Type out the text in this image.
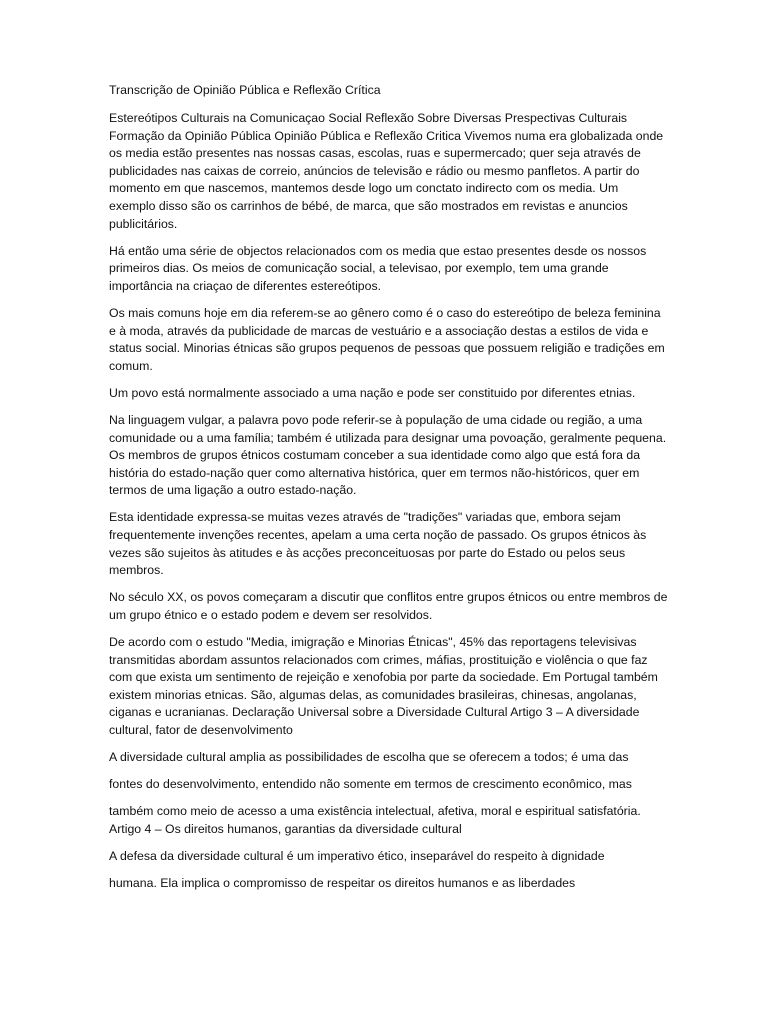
Transcrição de Opinião Pública e Reflexão Crítica

Estereótipos Culturais na Comunicaçao Social Reflexão Sobre Diversas Prespectivas Culturais Formação da Opinião Pública Opinião Pública e Reflexão Critica Vivemos numa era globalizada onde os media estão presentes nas nossas casas, escolas, ruas e supermercado; quer seja através de publicidades nas caixas de correio, anúncios de televisão e rádio ou mesmo panfletos. A partir do momento em que nascemos, mantemos desde logo um conctato indirecto com os media. Um exemplo disso são os carrinhos de bébé, de marca, que são mostrados em revistas e anuncios publicitários.

Há então uma série de objectos relacionados com os media que estao presentes desde os nossos primeiros dias. Os meios de comunicação social, a televisao, por exemplo, tem uma grande importância na criaçao de diferentes estereótipos.

Os mais comuns hoje em dia referem-se ao gênero como é o caso do estereótipo de beleza feminina e à moda, através da publicidade de marcas de vestuário e a associação destas a estilos de vida e status social. Minorias étnicas são grupos pequenos de pessoas que possuem religião e tradições em comum.

Um povo está normalmente associado a uma nação e pode ser constituido por diferentes etnias.

Na linguagem vulgar, a palavra povo pode referir-se à população de uma cidade ou região, a uma comunidade ou a uma família; também é utilizada para designar uma povoação, geralmente pequena. Os membros de grupos étnicos costumam conceber a sua identidade como algo que está fora da história do estado-nação quer como alternativa histórica, quer em termos não-históricos, quer em termos de uma ligação a outro estado-nação.

Esta identidade expressa-se muitas vezes através de "tradições" variadas que, embora sejam frequentemente invenções recentes, apelam a uma certa noção de passado. Os grupos étnicos às vezes são sujeitos às atitudes e às acções preconceituosas por parte do Estado ou pelos seus membros.

No século XX, os povos começaram a discutir que conflitos entre grupos étnicos ou entre membros de um grupo étnico e o estado podem e devem ser resolvidos.

De acordo com o estudo "Media, imigração e Minorias Étnicas", 45% das reportagens televisivas transmitidas abordam assuntos relacionados com crimes, máfias, prostituição e violência o que faz com que exista um sentimento de rejeição e xenofobia por parte da sociedade. Em Portugal também existem minorias etnicas. São, algumas delas, as comunidades brasileiras, chinesas, angolanas, ciganas e ucranianas. Declaração Universal sobre a Diversidade Cultural Artigo 3 – A diversidade cultural, fator de desenvolvimento

A diversidade cultural amplia as possibilidades de escolha que se oferecem a todos; é uma das

fontes do desenvolvimento, entendido não somente em termos de crescimento econômico, mas

também como meio de acesso a uma existência intelectual, afetiva, moral e espiritual satisfatória. Artigo 4 – Os direitos humanos, garantias da diversidade cultural

A defesa da diversidade cultural é um imperativo ético, inseparável do respeito à dignidade

humana. Ela implica o compromisso de respeitar os direitos humanos e as liberdades
